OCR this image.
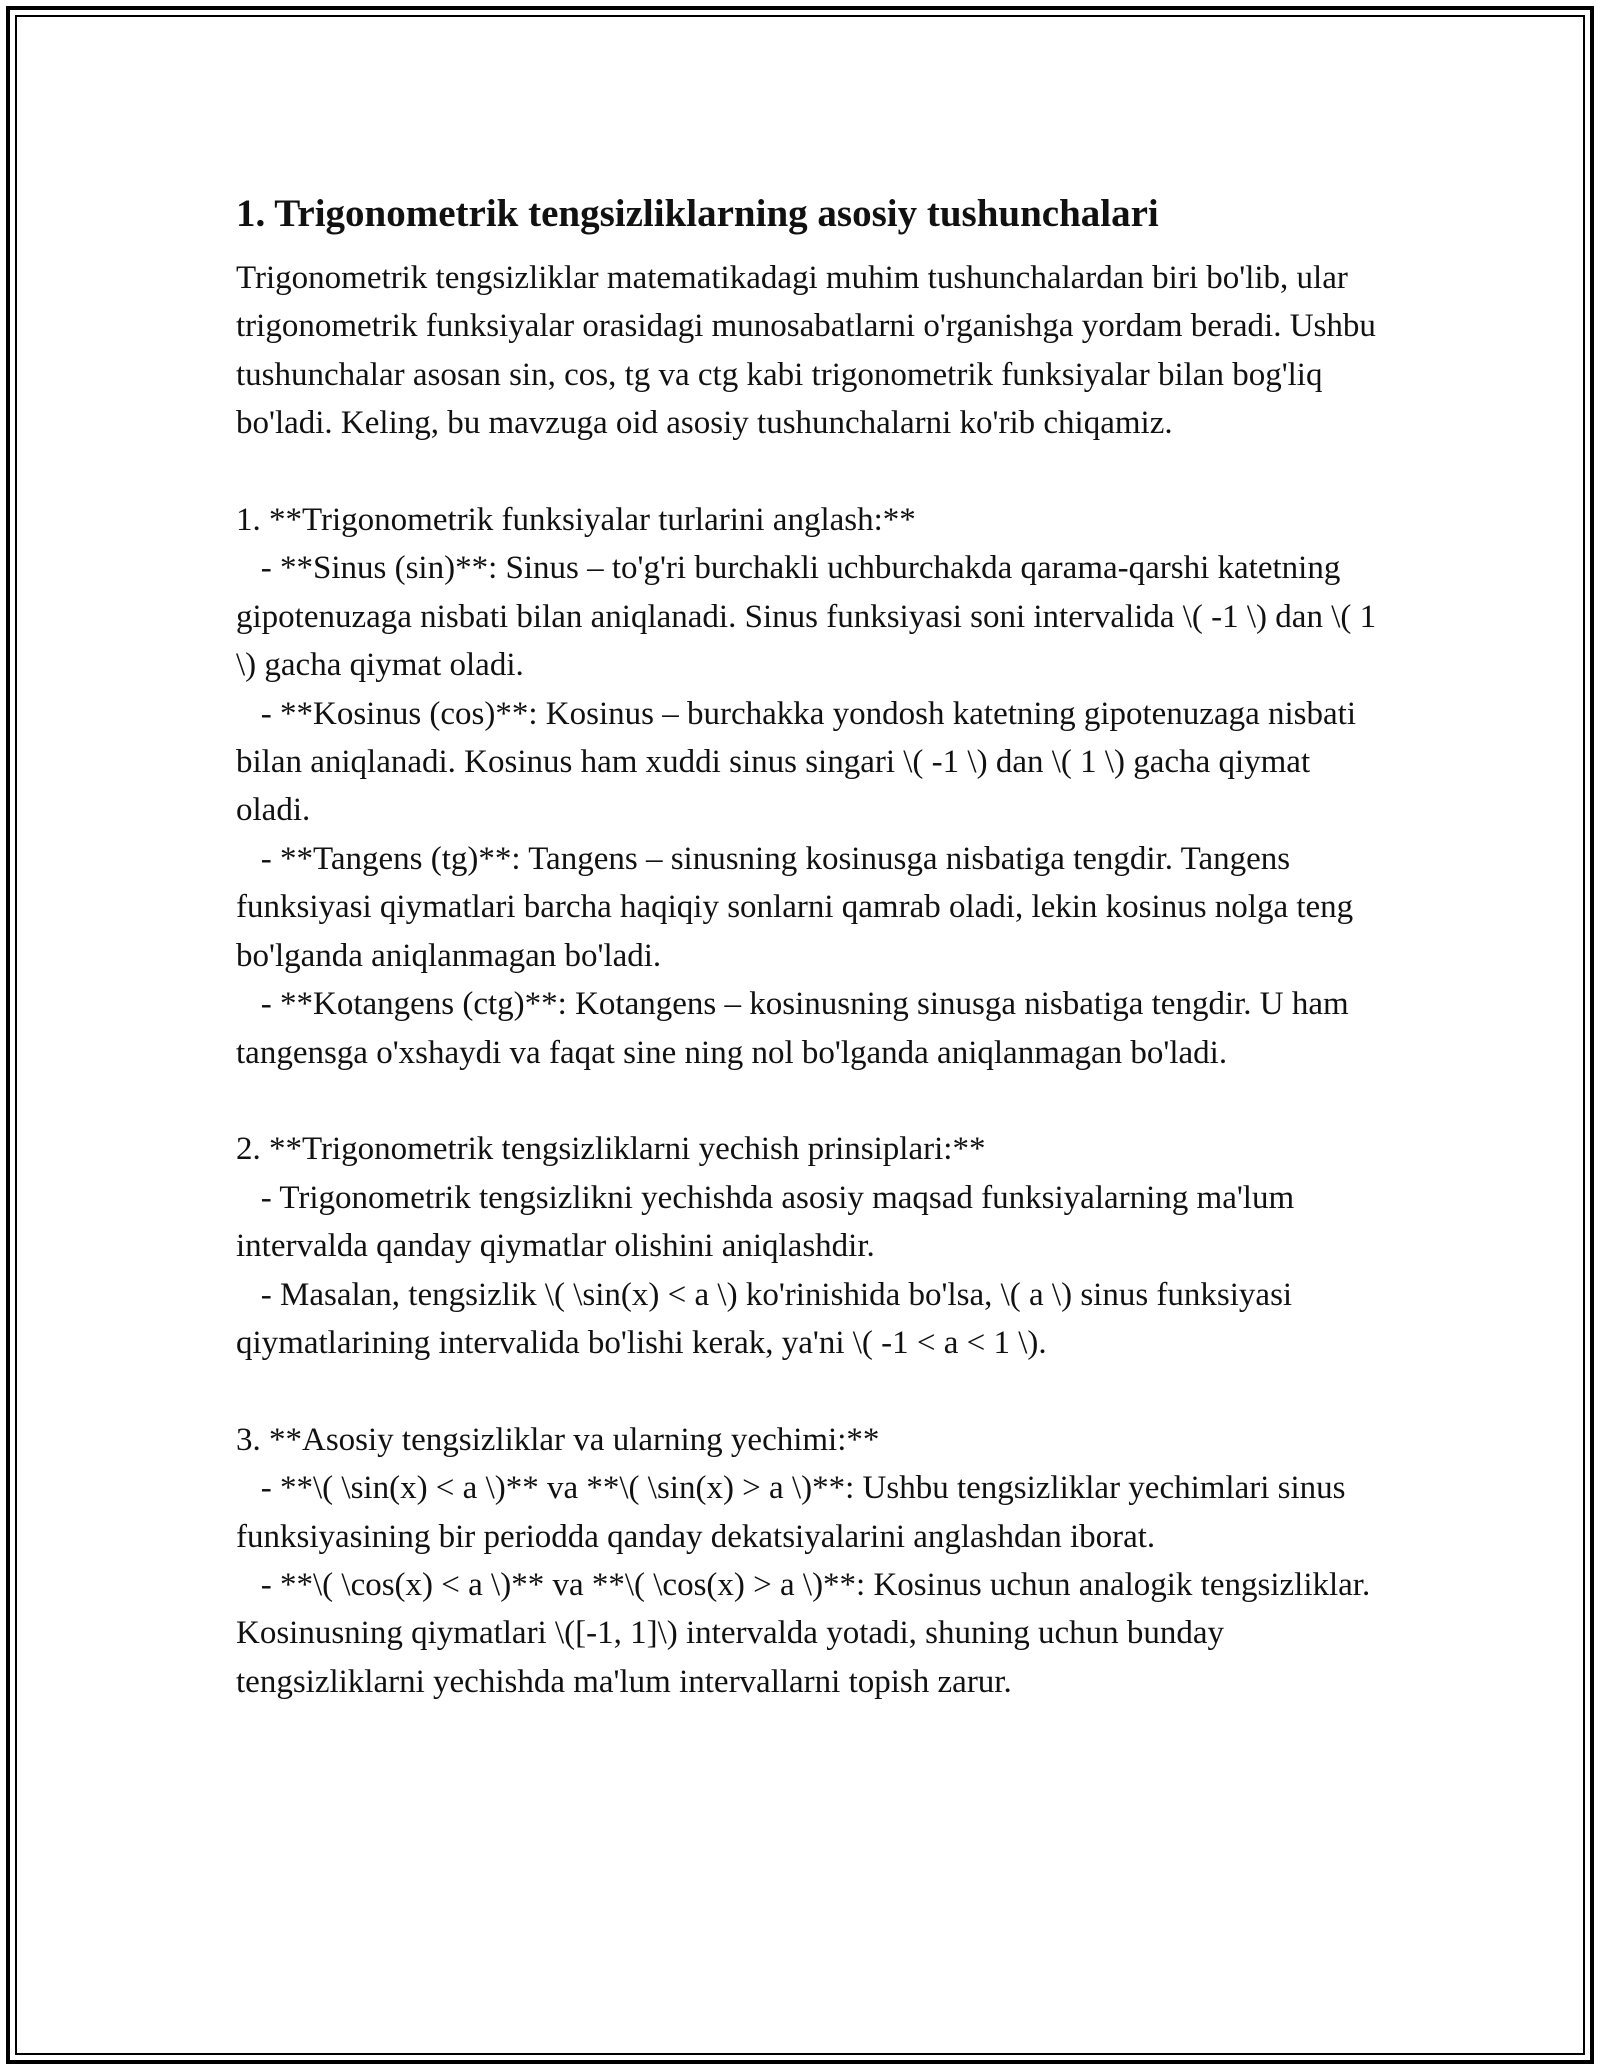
1. Trigonometrik tengsizliklarning asosiy tushunchalari
Trigonometrik tengsizliklar matematikadagi muhim tushunchalardan biri bo'lib, ular trigonometrik funksiyalar orasidagi munosabatlarni o'rganishga yordam beradi. Ushbu tushunchalar asosan sin, cos, tg va ctg kabi trigonometrik funksiyalar bilan bog'liq bo'ladi. Keling, bu mavzuga oid asosiy tushunchalarni ko'rib chiqamiz.

1. **Trigonometrik funksiyalar turlarini anglash:**
- **Sinus (sin)**: Sinus – to'g'ri burchakli uchburchakda qarama-qarshi katetning gipotenuzaga nisbati bilan aniqlanadi. Sinus funksiyasi soni intervalida \( -1 \) dan \( 1 \) gacha qiymat oladi.
- **Kosinus (cos)**: Kosinus – burchakka yondosh katetning gipotenuzaga nisbati bilan aniqlanadi. Kosinus ham xuddi sinus singari \( -1 \) dan \( 1 \) gacha qiymat oladi.
- **Tangens (tg)**: Tangens – sinusning kosinusga nisbatiga tengdir. Tangens funksiyasi qiymatlari barcha haqiqiy sonlarni qamrab oladi, lekin kosinus nolga teng bo'lganda aniqlanmagan bo'ladi.
- **Kotangens (ctg)**: Kotangens – kosinusning sinusga nisbatiga tengdir. U ham tangensga o'xshaydi va faqat sine ning nol bo'lganda aniqlanmagan bo'ladi.

2. **Trigonometrik tengsizliklarni yechish prinsiplari:**
- Trigonometrik tengsizlikni yechishda asosiy maqsad funksiyalarning ma'lum intervalda qanday qiymatlar olishini aniqlashdir.
- Masalan, tengsizlik \( \sin(x) < a \) ko'rinishida bo'lsa, \( a \) sinus funksiyasi qiymatlarining intervalida bo'lishi kerak, ya'ni \( -1 < a < 1 \).

3. **Asosiy tengsizliklar va ularning yechimi:**
- **\( \sin(x) < a \)** va **\( \sin(x) > a \)**: Ushbu tengsizliklar yechimlari sinus funksiyasining bir periodda qanday dekatsiyalarini anglashdan iborat.
- **\( \cos(x) < a \)** va **\( \cos(x) > a \)**: Kosinus uchun analogik tengsizliklar. Kosinusning qiymatlari \([-1, 1]\) intervalda yotadi, shuning uchun bunday tengsizliklarni yechishda ma'lum intervallarni topish zarur.
